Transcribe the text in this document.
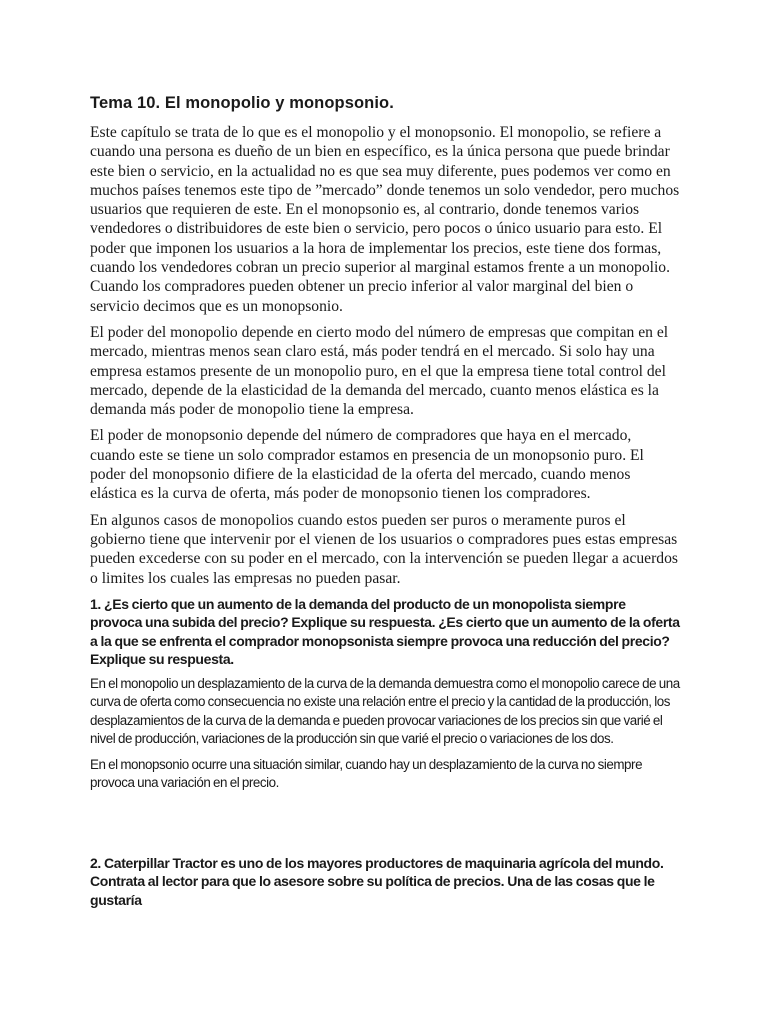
Tema 10. El monopolio y monopsonio.

Este capítulo se trata de lo que es el monopolio y el monopsonio. El monopolio, se refiere a cuando una persona es dueño de un bien en específico, es la única persona que puede brindar este bien o servicio, en la actualidad no es que sea muy diferente, pues podemos ver como en muchos países tenemos este tipo de ”mercado” donde tenemos un solo vendedor, pero muchos usuarios que requieren de este. En el monopsonio es, al contrario, donde tenemos varios vendedores o distribuidores de este bien o servicio, pero pocos o único usuario para esto. El poder que imponen los usuarios a la hora de implementar los precios, este tiene dos formas, cuando los vendedores cobran un precio superior al marginal estamos frente a un monopolio. Cuando los compradores pueden obtener un precio inferior al valor marginal del bien o servicio decimos que es un monopsonio.

El poder del monopolio depende en cierto modo del número de empresas que compitan en el mercado, mientras menos sean claro está, más poder tendrá en el mercado. Si solo hay una empresa estamos presente de un monopolio puro, en el que la empresa tiene total control del mercado, depende de la elasticidad de la demanda del mercado, cuanto menos elástica es la demanda más poder de monopolio tiene la empresa.

El poder de monopsonio depende del número de compradores que haya en el mercado, cuando este se tiene un solo comprador estamos en presencia de un monopsonio puro. El poder del monopsonio difiere de la elasticidad de la oferta del mercado, cuando menos elástica es la curva de oferta, más poder de monopsonio tienen los compradores.

En algunos casos de monopolios cuando estos pueden ser puros o meramente puros el gobierno tiene que intervenir por el vienen de los usuarios o compradores pues estas empresas pueden excederse con su poder en el mercado, con la intervención se pueden llegar a acuerdos o limites los cuales las empresas no pueden pasar.

1. ¿Es cierto que un aumento de la demanda del producto de un monopolista siempre provoca una subida del precio? Explique su respuesta. ¿Es cierto que un aumento de la oferta a la que se enfrenta el comprador monopsonista siempre provoca una reducción del precio? Explique su respuesta.

En el monopolio un desplazamiento de la curva de la demanda demuestra como el monopolio carece de una curva de oferta como consecuencia no existe una relación entre el precio y la cantidad de la producción, los desplazamientos de la curva de la demanda e pueden provocar variaciones de los precios sin que varié el nivel de producción, variaciones de la producción sin que varié el precio o variaciones de los dos.

En el monopsonio ocurre una situación similar, cuando hay un desplazamiento de la curva no siempre provoca una variación en el precio.

2. Caterpillar Tractor es uno de los mayores productores de maquinaria agrícola del mundo. Contrata al lector para que lo asesore sobre su política de precios. Una de las cosas que le gustaría
